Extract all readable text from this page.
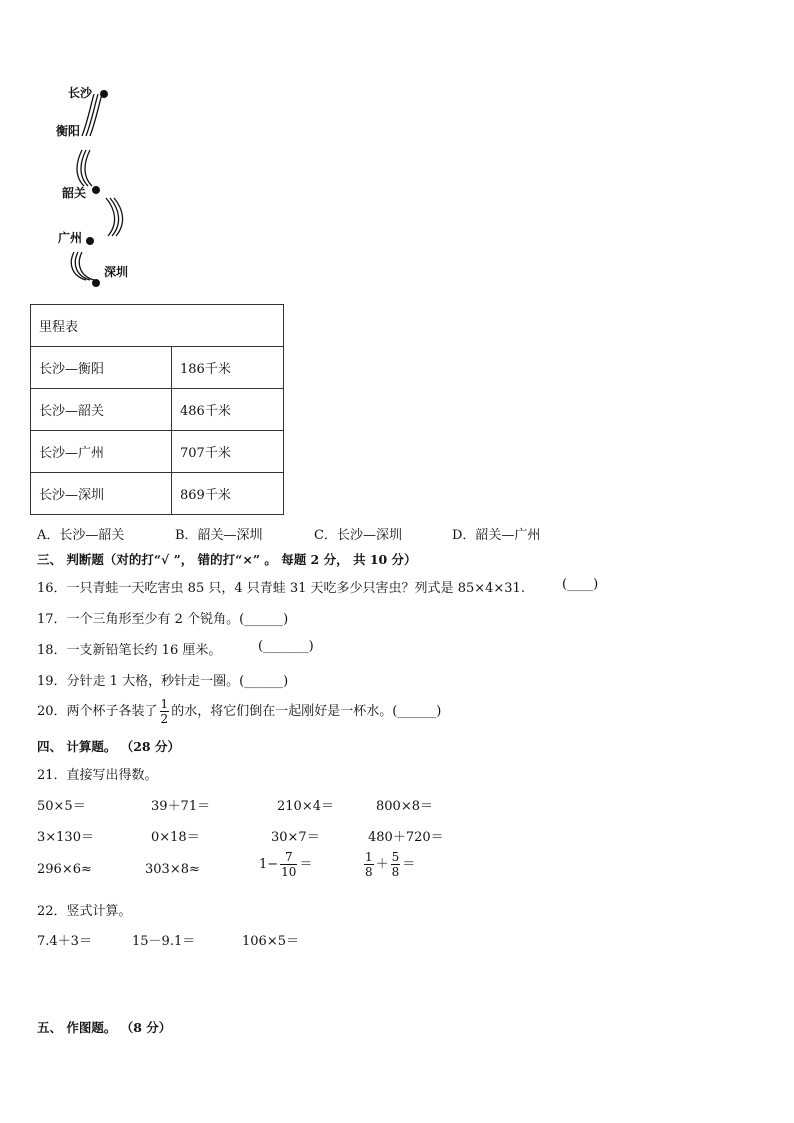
长沙
衡阳
韶关
广州
深圳
里程表	
长沙—衡阳	186千米
长沙—韶关	486千米
长沙—广州	707千米
长沙—深圳	869千米
A．长沙—韶关	B．韶关—深圳	C．长沙—深圳	D．韶关—广州
三、 判断题（对的打“√ ”， 错的打“×” 。 每题 2 分， 共 10 分）
16．一只青蛙一天吃害虫 85 只，4 只青蛙 31 天吃多少只害虫？列式是 85×4×31.	(____)
17．一个三角形至少有 2 个锐角。(______)
18．一支新铅笔长约 16 厘米。	(_______)
19．分针走 1 大格，秒针走一圈。(______)
20．两个杯子各装了 $\frac{1}{2}$ 的水，将它们倒在一起刚好是一杯水。(______)
四、 计算题。 （28 分）
21．直接写出得数。
50×5＝	39＋71＝	210×4＝	800×8＝
3×130＝	0×18＝	30×7＝	480＋720＝
296×6≈	303×8≈	$1- \frac{7}{10}$ ＝	$\frac{1}{8} + \frac{5}{8}$ ＝
22．竖式计算。
7.4＋3＝	15－9.1＝	106×5＝
五、 作图题。 （8 分）
